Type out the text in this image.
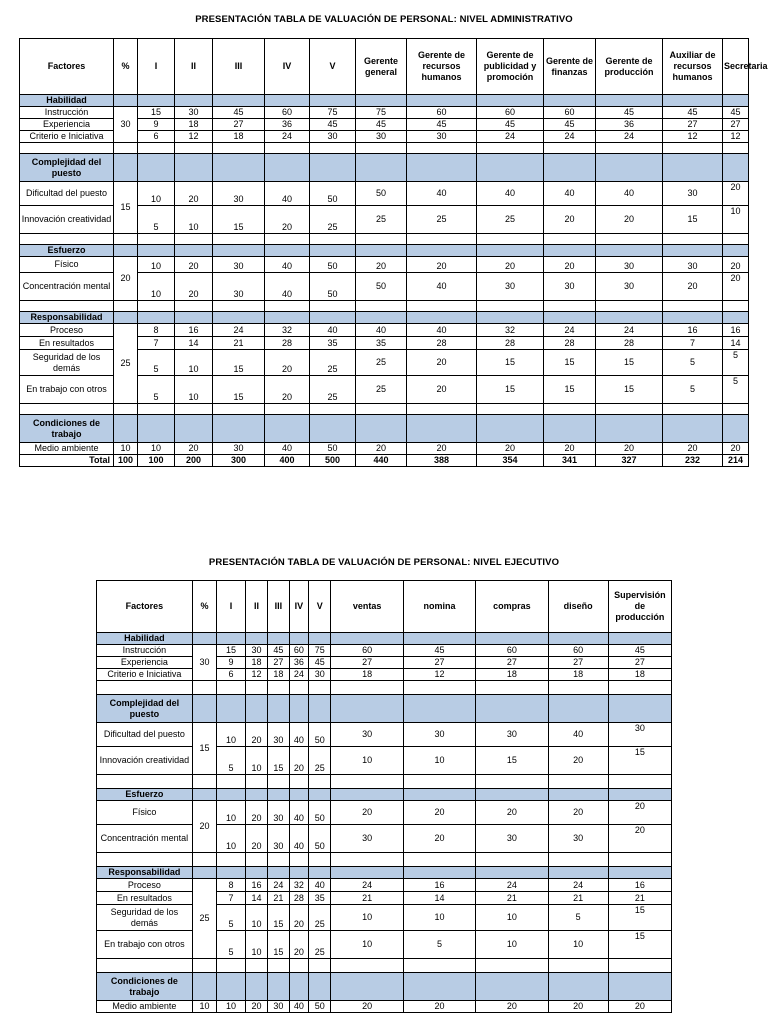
PRESENTACIÓN TABLA DE VALUACIÓN DE PERSONAL: NIVEL ADMINISTRATIVO
Factores	%	I	II	III	IV	V	Gerente general	Gerente de recursos humanos	Gerente de publicidad y promoción	Gerente de finanzas	Gerente de producción	Auxiliar de recursos humanos	Secretaria
Habilidad													
Instrucción	30	15	30	45	60	75	75	60	60	60	45	45	45
Experiencia		9	18	27	36	45	45	45	45	45	36	27	27
Criterio e Iniciativa		6	12	18	24	30	30	30	24	24	24	12	12

Complejidad del puesto													
Dificultad del puesto	15	10	20	30	40	50	50	40	40	40	40	30	20
Innovación creatividad		5	10	15	20	25	25	25	25	20	20	15	10

Esfuerzo													
Físico	20	10	20	30	40	50	20	20	20	20	30	30	20
Concentración mental		10	20	30	40	50	50	40	30	30	30	20	20

Responsabilidad													
Proceso	25	8	16	24	32	40	40	40	32	24	24	16	16
En resultados		7	14	21	28	35	35	28	28	28	28	7	14
Seguridad de los demás		5	10	15	20	25	25	20	15	15	15	5	5
En trabajo con otros		5	10	15	20	25	25	20	15	15	15	5	5

Condiciones de trabajo													
Medio ambiente	10	10	20	30	40	50	20	20	20	20	20	20	20
Total	100	100	200	300	400	500	440	388	354	341	327	232	214
PRESENTACIÓN TABLA DE VALUACIÓN DE PERSONAL: NIVEL EJECUTIVO
Factores	%	I	II	III	IV	V	ventas	nomina	compras	diseño	Supervisión de producción
Habilidad											
Instrucción	30	15	30	45	60	75	60	45	60	60	45
Experiencia		9	18	27	36	45	27	27	27	27	27
Criterio e Iniciativa		6	12	18	24	30	18	12	18	18	18

Complejidad del puesto											
Dificultad del puesto	15	10	20	30	40	50	30	30	30	40	30
Innovación creatividad		5	10	15	20	25	10	10	15	20	15

Esfuerzo											
Físico	20	10	20	30	40	50	20	20	20	20	20
Concentración mental		10	20	30	40	50	30	20	30	30	20

Responsabilidad											
Proceso	25	8	16	24	32	40	24	16	24	24	16
En resultados		7	14	21	28	35	21	14	21	21	21
Seguridad de los demás		5	10	15	20	25	10	10	10	5	15
En trabajo con otros		5	10	15	20	25	10	5	10	10	15

Condiciones de trabajo											
Medio ambiente	10	10	20	30	40	50	20	20	20	20	20
